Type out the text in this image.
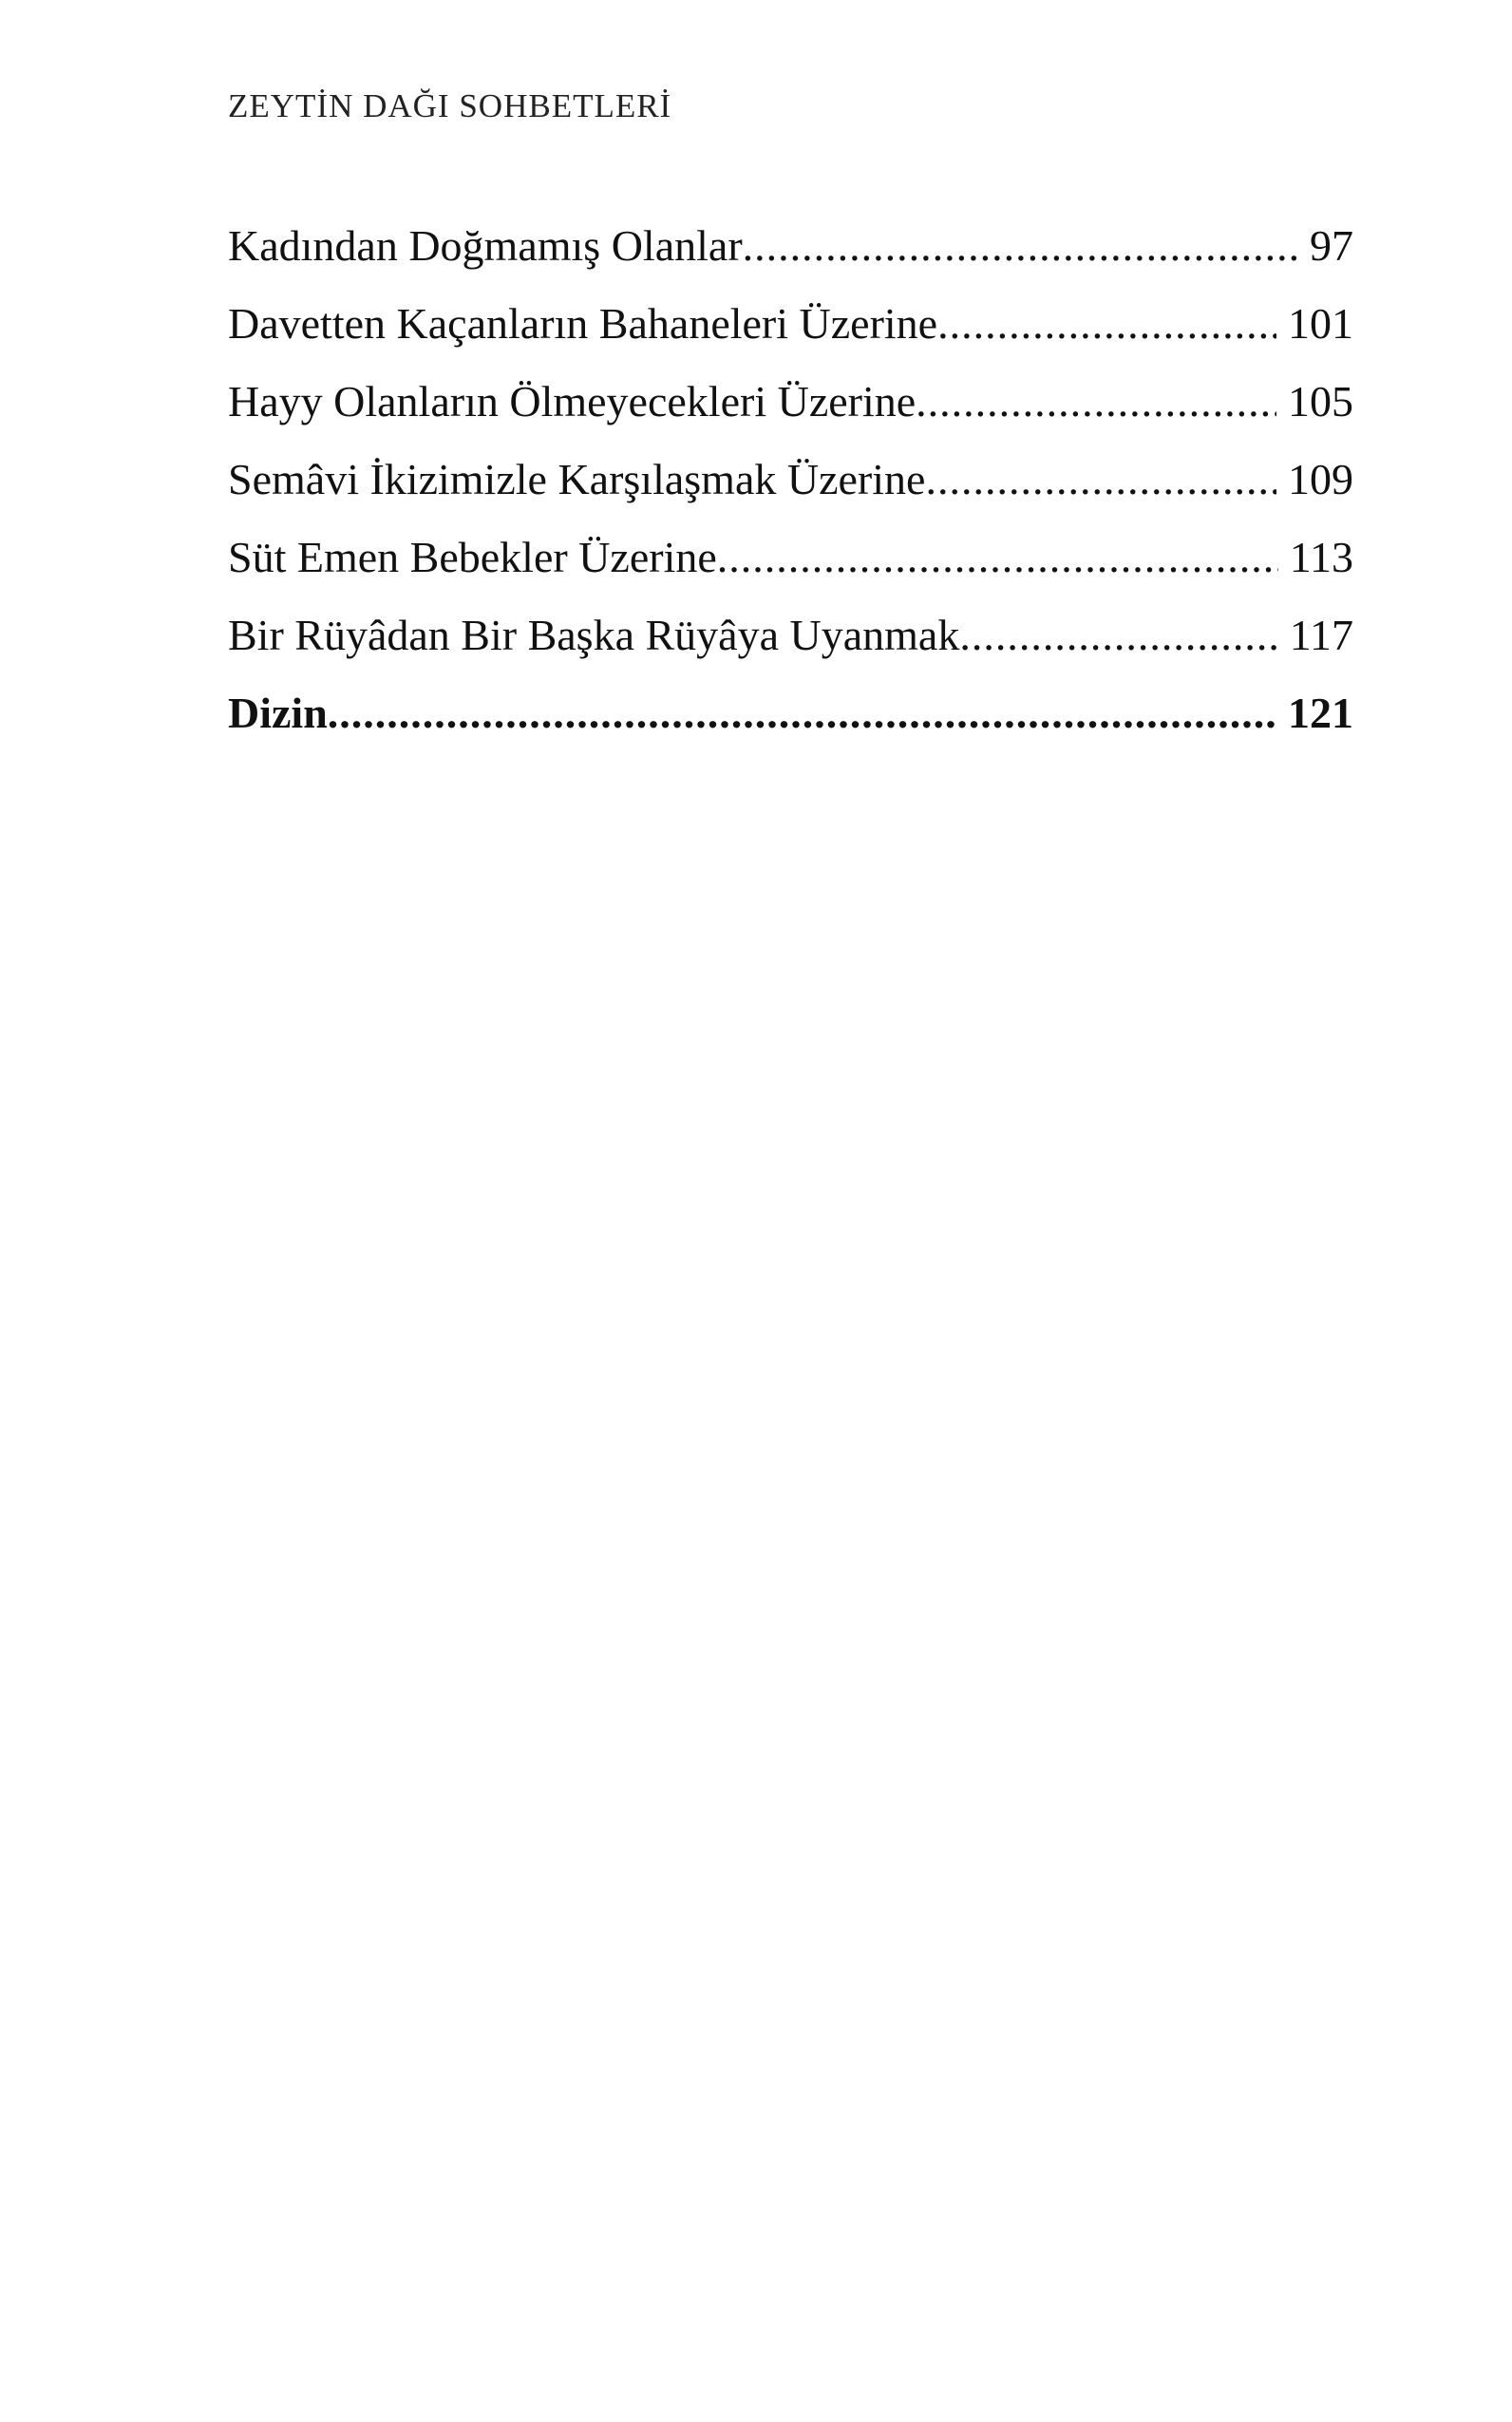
ZEYTİN DAĞI SOHBETLERİ
Kadından Doğmamış Olanlar .....	97
Davetten Kaçanların Bahaneleri Üzerine .....	101
Hayy Olanların Ölmeyecekleri Üzerine .....	105
Semâvi İkizimizle Karşılaşmak Üzerine .....	109
Süt Emen Bebekler Üzerine .....	113
Bir Rüyâdan Bir Başka Rüyâya Uyanmak .....	117
Dizin .....	121
